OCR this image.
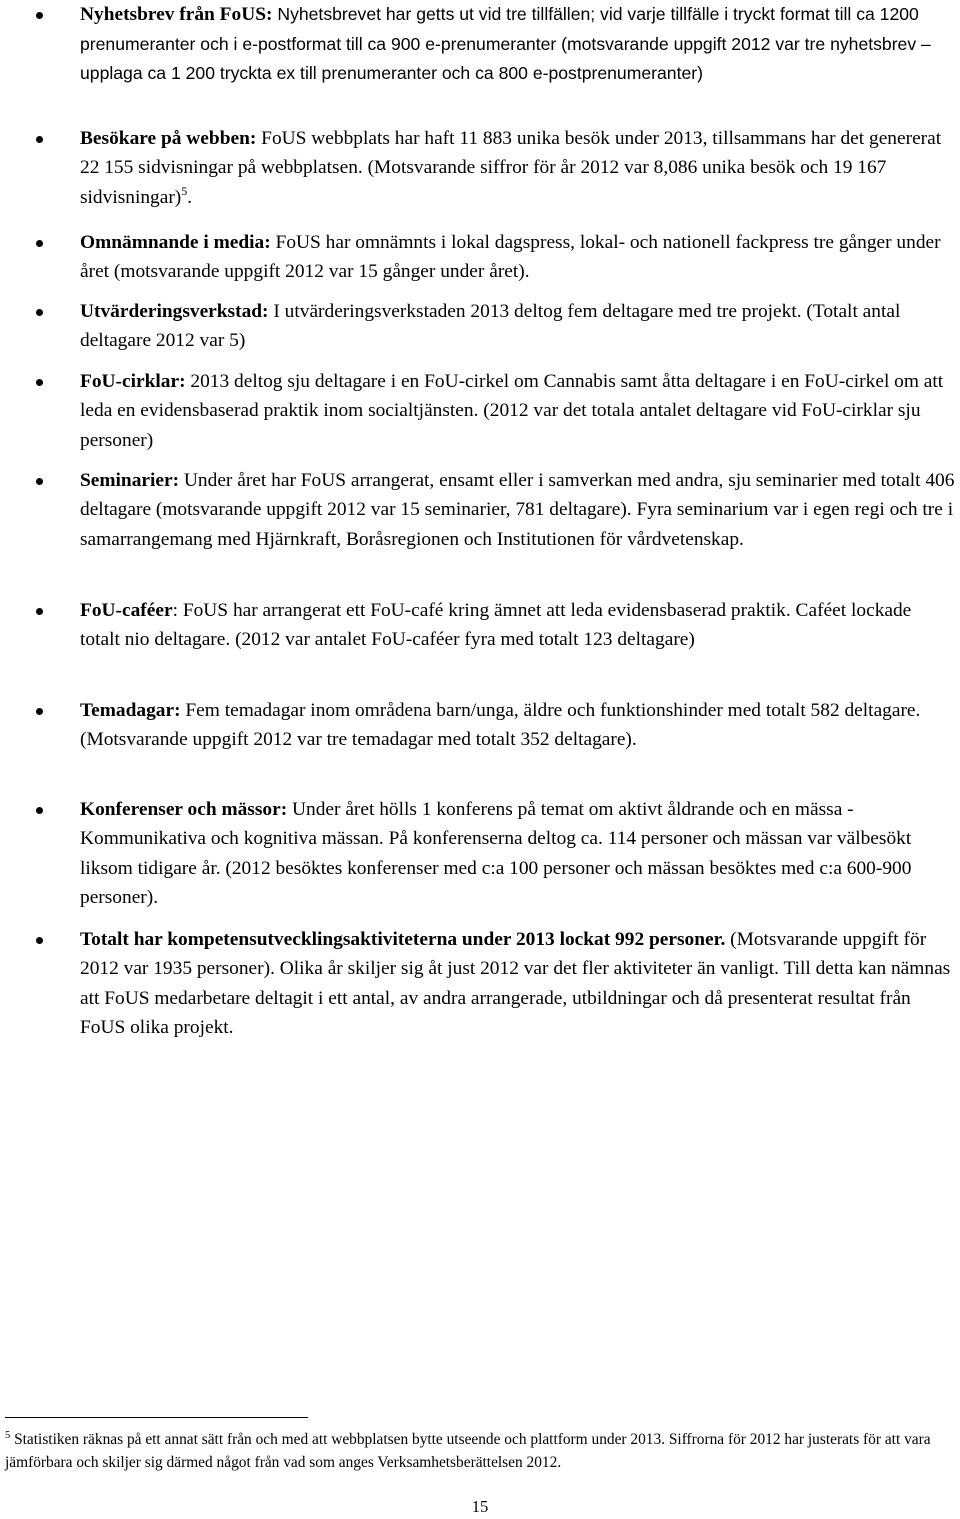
Nyhetsbrev från FoUS: Nyhetsbrevet har getts ut vid tre tillfällen; vid varje tillfälle i tryckt format till ca 1200 prenumeranter och i e-postformat till ca 900 e-prenumeranter (motsvarande uppgift 2012 var tre nyhetsbrev – upplaga ca 1 200 tryckta ex till prenumeranter och ca 800 e-postprenumeranter)
Besökare på webben: FoUS webbplats har haft 11 883 unika besök under 2013, tillsammans har det genererat 22 155 sidvisningar på webbplatsen. (Motsvarande siffror för år 2012 var 8,086 unika besök och 19 167 sidvisningar)$^5$.
Omnämnande i media: FoUS har omnämnts i lokal dagspress, lokal- och nationell fackpress tre gånger under året (motsvarande uppgift 2012 var 15 gånger under året).
Utvärderingsverkstad: I utvärderingsverkstaden 2013 deltog fem deltagare med tre projekt. (Totalt antal deltagare 2012 var 5)
FoU-cirklar: 2013 deltog sju deltagare i en FoU-cirkel om Cannabis samt åtta deltagare i en FoU-cirkel om att leda en evidensbaserad praktik inom socialtjänsten. (2012 var det totala antalet deltagare vid FoU-cirklar sju personer)
Seminarier: Under året har FoUS arrangerat, ensamt eller i samverkan med andra, sju seminarier med totalt 406 deltagare (motsvarande uppgift 2012 var 15 seminarier, 781 deltagare). Fyra seminarium var i egen regi och tre i samarrangemang med Hjärnkraft, Boråsregionen och Institutionen för vårdvetenskap.
FoU-caféer: FoUS har arrangerat ett FoU-café kring ämnet att leda evidensbaserad praktik. Caféet lockade totalt nio deltagare. (2012 var antalet FoU-caféer fyra med totalt 123 deltagare)
Temadagar: Fem temadagar inom områdena barn/unga, äldre och funktionshinder med totalt 582 deltagare. (Motsvarande uppgift 2012 var tre temadagar med totalt 352 deltagare).
Konferenser och mässor: Under året hölls 1 konferens på temat om aktivt åldrande och en mässa - Kommunikativa och kognitiva mässan. På konferenserna deltog ca. 114 personer och mässan var välbesökt liksom tidigare år. (2012 besöktes konferenser med c:a 100 personer och mässan besöktes med c:a 600-900 personer).
Totalt har kompetensutvecklingsaktiviteterna under 2013 lockat 992 personer. (Motsvarande uppgift för 2012 var 1935 personer). Olika år skiljer sig åt just 2012 var det fler aktiviteter än vanligt. Till detta kan nämnas att FoUS medarbetare deltagit i ett antal, av andra arrangerade, utbildningar och då presenterat resultat från FoUS olika projekt.
$^5$ Statistiken räknas på ett annat sätt från och med att webbplatsen bytte utseende och plattform under 2013. Siffrorna för 2012 har justerats för att vara jämförbara och skiljer sig därmed något från vad som anges Verksamhetsberättelsen 2012.
15
